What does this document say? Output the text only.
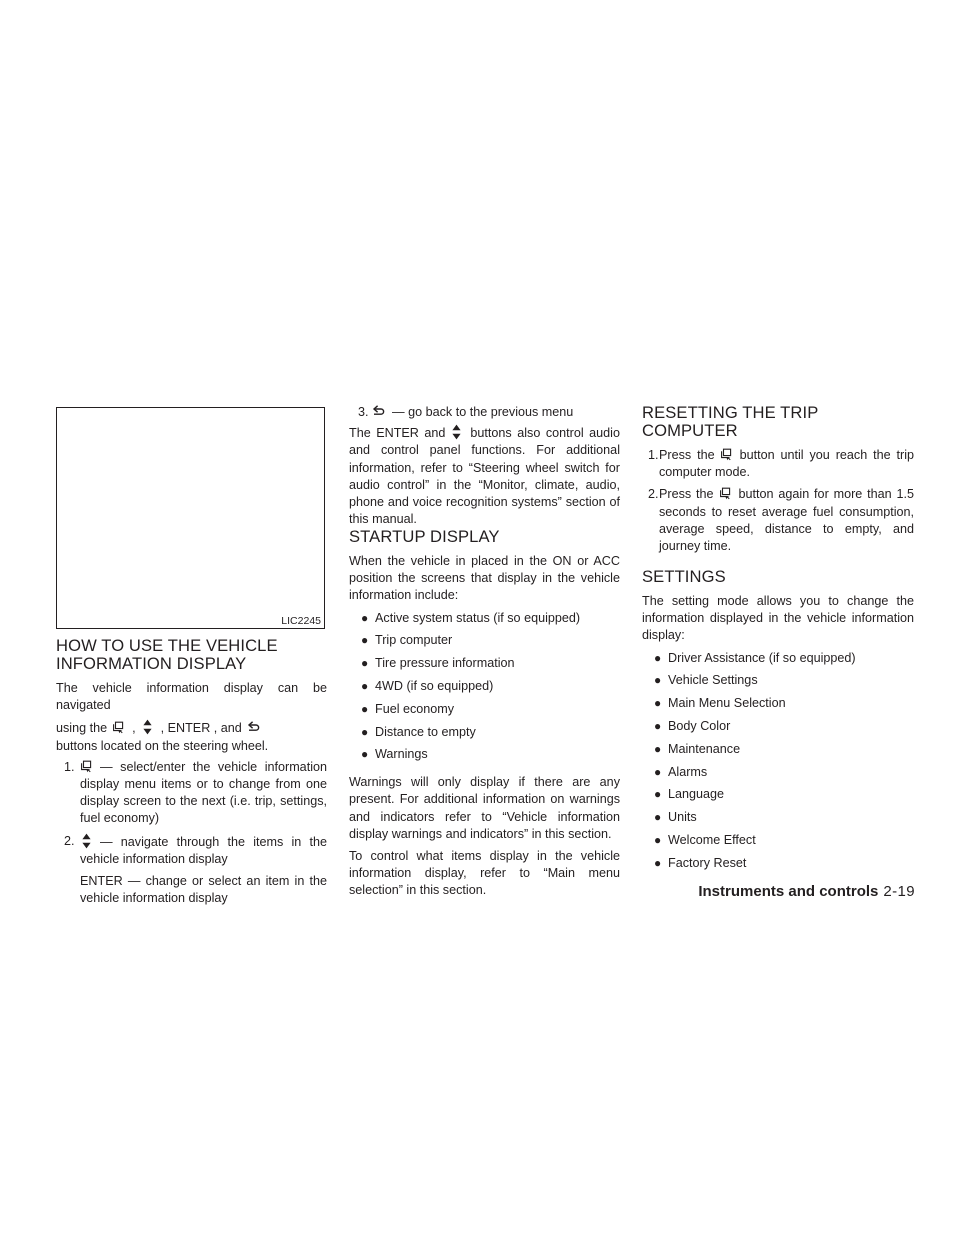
LIC2245
HOW TO USE THE VEHICLE
INFORMATION DISPLAY

The vehicle information display can be navigated
using the , , ENTER , and
buttons located on the steering wheel.

1. — select/enter the vehicle information display menu items or to change from one display screen to the next (i.e. trip, settings, fuel economy)
2. — navigate through the items in the vehicle information display
ENTER — change or select an item in the vehicle information display
3. — go back to the previous menu

The ENTER and buttons also control audio and control panel functions. For additional information, refer to “Steering wheel switch for audio control” in the “Monitor, climate, audio, phone and voice recognition systems” section of this manual.

STARTUP DISPLAY

When the vehicle in placed in the ON or ACC position the screens that display in the vehicle information include:

● Active system status (if so equipped)
● Trip computer
● Tire pressure information
● 4WD (if so equipped)
● Fuel economy
● Distance to empty
● Warnings

Warnings will only display if there are any present. For additional information on warnings and indicators refer to “Vehicle information display warnings and indicators” in this section.

To control what items display in the vehicle information display, refer to “Main menu selection” in this section.

RESETTING THE TRIP COMPUTER
1. Press the button until you reach the trip computer mode.
2. Press the button again for more than 1.5 seconds to reset average fuel consumption, average speed, distance to empty, and journey time.
SETTINGS

The setting mode allows you to change the information displayed in the vehicle information display:

● Driver Assistance (if so equipped)
● Vehicle Settings
● Main Menu Selection
● Body Color
● Maintenance
● Alarms
● Language
● Units
● Welcome Effect
● Factory Reset
Instruments and controls 2-19
